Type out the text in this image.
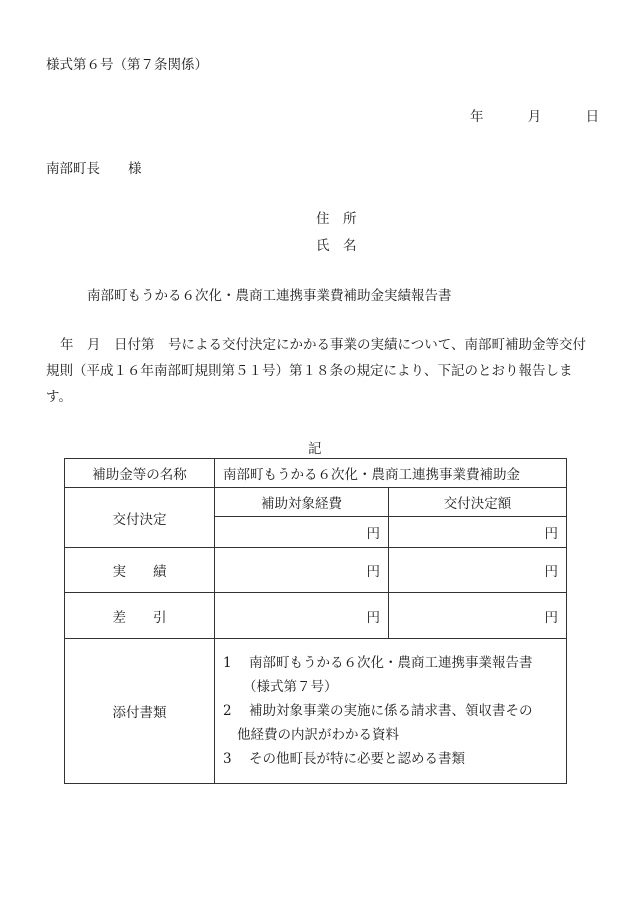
様式第６号（第７条関係）
年	月	日
南部町長 様
住　所
氏　名
南部町もうかる６次化・農商工連携事業費補助金実績報告書
年　月　日付第　号による交付決定にかかる事業の実績について、南部町補助金等交付規則（平成１６年南部町規則第５１号）第１８条の規定により、下記のとおり報告します。
記
補助金等の名称	南部町もうかる６次化・農商工連携事業費補助金	
交付決定	補助対象経費	交付決定額
	円	円
実　　績	円	円
差　　引	円	円
添付書類	1 南部町もうかる６次化・農商工連携事業報告書
（様式第７号）
2 補助対象事業の実施に係る請求書、領収書その
他経費の内訳がわかる資料
3 その他町長が特に必要と認める書類	
